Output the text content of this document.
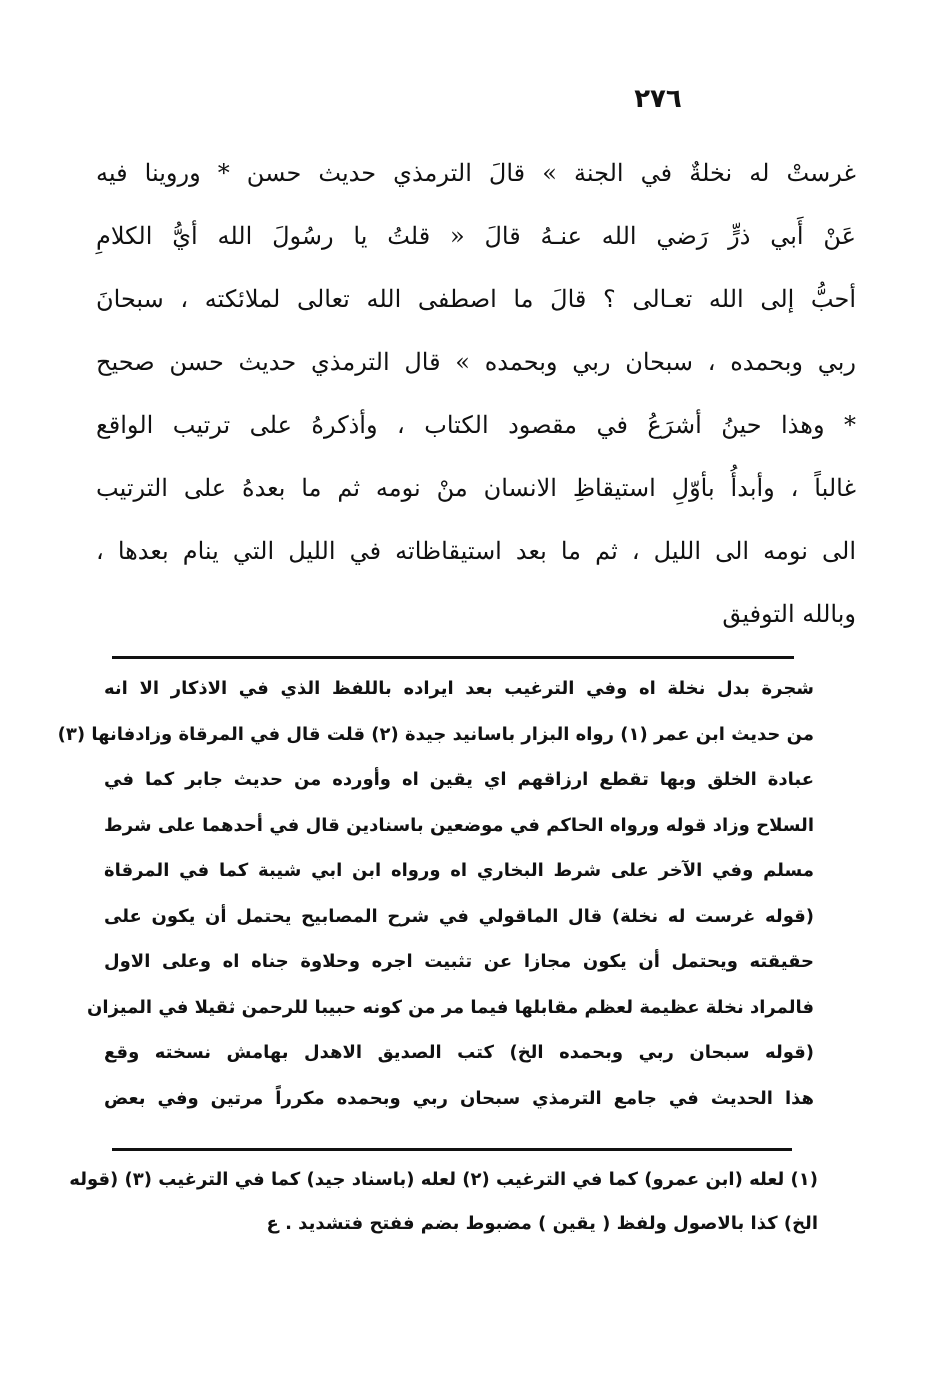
٢٧٦
غرستْ له نخلةٌ في الجنة » قالَ الترمذي حديث حسن * وروينا فيه
عَنْ أَبي ذرٍّ رَضي الله عنـهُ قالَ « قلتُ يا رسُولَ الله أيُّ الكلامِ
أحبُّ إلى الله تعـالى ؟ قالَ ما اصطفى الله تعالى لملائكته ، سبحانَ
ربي وبحمده ، سبحان ربي وبحمده » قال الترمذي حديث حسن صحيح
* وهذا حينُ أشرَعُ في مقصود الكتاب ، وأذكرهُ على ترتيب الواقع
غالباً ، وأبدأُ بأوّلِ استيقاظِ الانسان منْ نومه ثم ما بعدهُ على الترتيب
الى نومه الى الليل ، ثم ما بعد استيقاظاته في الليل التي ينام بعدها ،
وبالله التوفيق
شجرة بدل نخلة اه وفي الترغيب بعد ايراده باللفظ الذي في الاذكار الا انه
من حديث ابن عمر (١) رواه البزار باسانيد جيدة (٢) قلت قال في المرقاة وزادفانها (٣)
عبادة الخلق وبها تقطع ارزاقهم اي يقين اه وأورده من حديث جابر كما في
السلاح وزاد قوله ورواه الحاكم في موضعين باسنادين قال في أحدهما على شرط
مسلم وفي الآخر على شرط البخاري اه ورواه ابن ابي شيبة كما في المرقاة
(قوله غرست له نخلة) قال الماقولي في شرح المصابيح يحتمل أن يكون على
حقيقته ويحتمل أن يكون مجازا عن تثبيت اجره وحلاوة جناه اه وعلى الاول
فالمراد نخلة عظيمة لعظم مقابلها فيما مر من كونه حبيبا للرحمن ثقيلا في الميزان
(قوله سبحان ربي وبحمده الخ) كتب الصديق الاهدل بهامش نسخته وقع
هذا الحديث في جامع الترمذي سبحان ربي وبحمده مكرراً مرتين وفي بعض
(١) لعله (ابن عمرو) كما في الترغيب (٢) لعله (باسناد جيد) كما في الترغيب (٣) (قوله
الخ) كذا بالاصول ولفظ ( يقين ) مضبوط بضم ففتح فتشديد . ع
